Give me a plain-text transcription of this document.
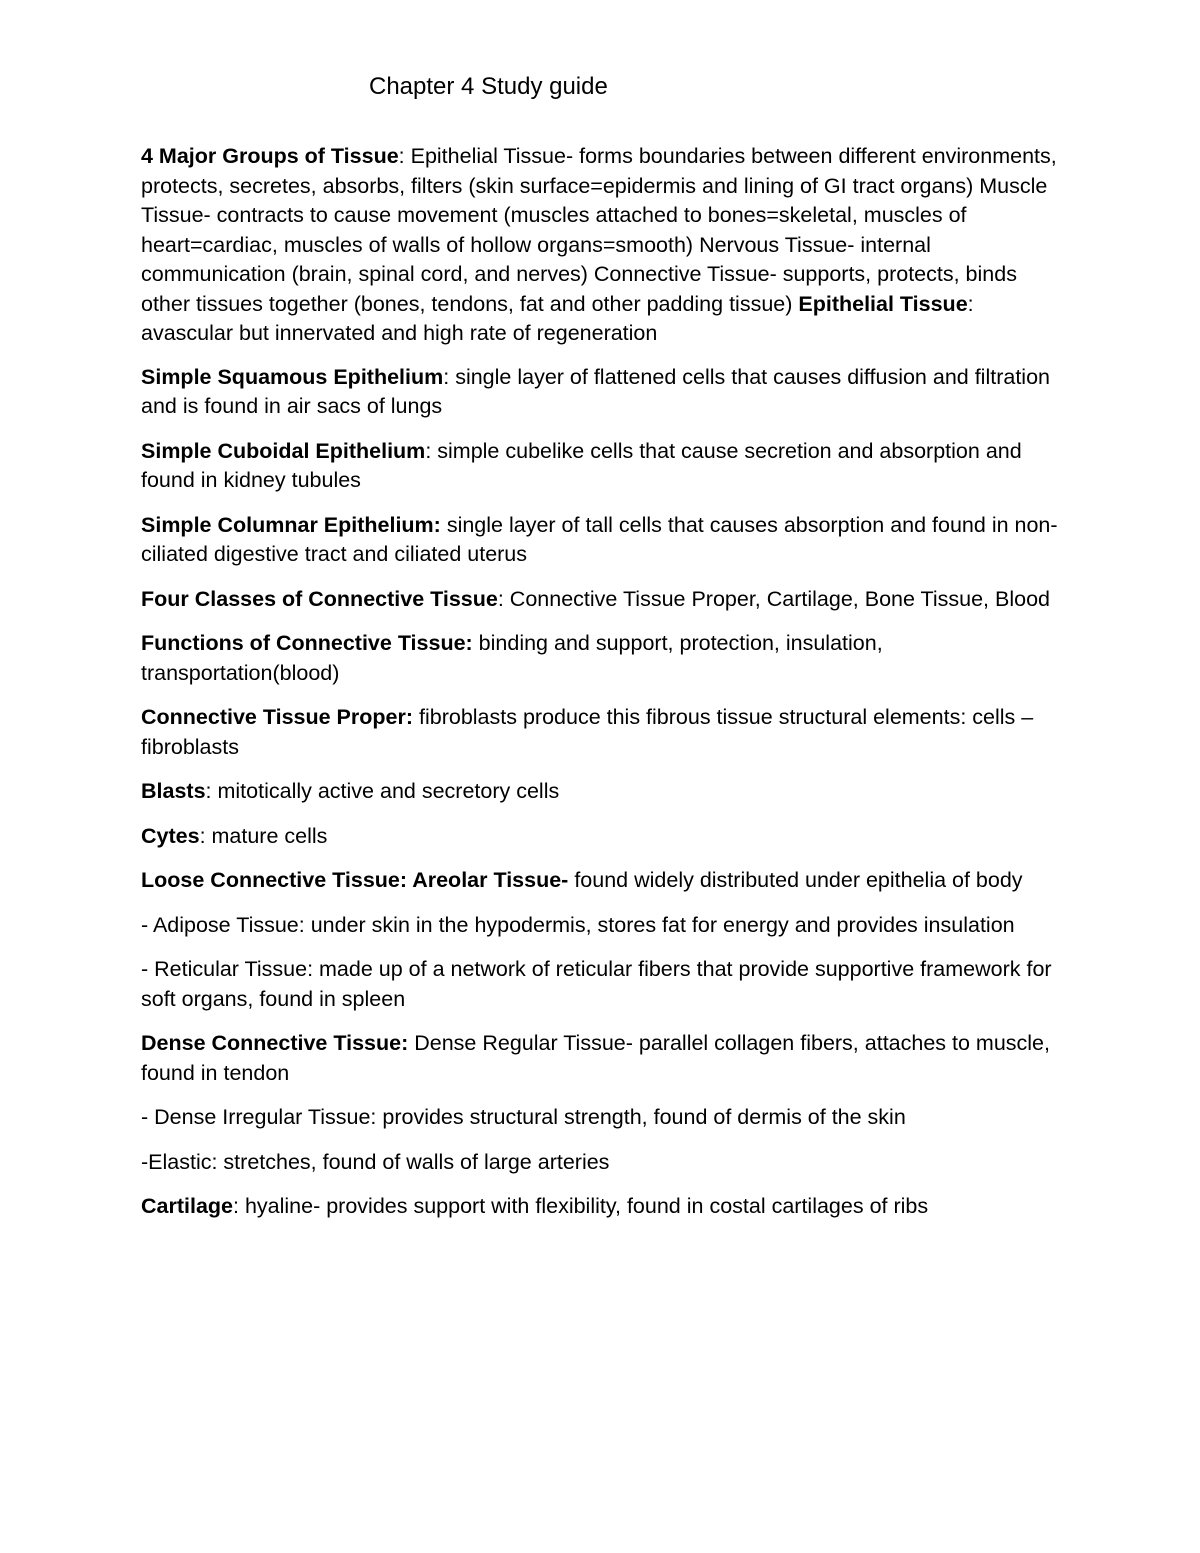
Chapter 4 Study guide

4 Major Groups of Tissue: Epithelial Tissue- forms boundaries between different environments, protects, secretes, absorbs, filters (skin surface=epidermis and lining of GI tract organs) Muscle Tissue- contracts to cause movement (muscles attached to bones=skeletal, muscles of heart=cardiac, muscles of walls of hollow organs=smooth) Nervous Tissue- internal communication (brain, spinal cord, and nerves) Connective Tissue- supports, protects, binds other tissues together (bones, tendons, fat and other padding tissue) Epithelial Tissue: avascular but innervated and high rate of regeneration

Simple Squamous Epithelium: single layer of flattened cells that causes diffusion and filtration and is found in air sacs of lungs

Simple Cuboidal Epithelium: simple cubelike cells that cause secretion and absorption and found in kidney tubules

Simple Columnar Epithelium: single layer of tall cells that causes absorption and found in non-ciliated digestive tract and ciliated uterus

Four Classes of Connective Tissue: Connective Tissue Proper, Cartilage, Bone Tissue, Blood

Functions of Connective Tissue: binding and support, protection, insulation, transportation(blood)

Connective Tissue Proper: fibroblasts produce this fibrous tissue structural elements: cells – fibroblasts

Blasts: mitotically active and secretory cells

Cytes: mature cells

Loose Connective Tissue: Areolar Tissue- found widely distributed under epithelia of body

- Adipose Tissue: under skin in the hypodermis, stores fat for energy and provides insulation

- Reticular Tissue: made up of a network of reticular fibers that provide supportive framework for soft organs, found in spleen

Dense Connective Tissue: Dense Regular Tissue- parallel collagen fibers, attaches to muscle, found in tendon

- Dense Irregular Tissue: provides structural strength, found of dermis of the skin

-Elastic: stretches, found of walls of large arteries

Cartilage: hyaline- provides support with flexibility, found in costal cartilages of ribs
